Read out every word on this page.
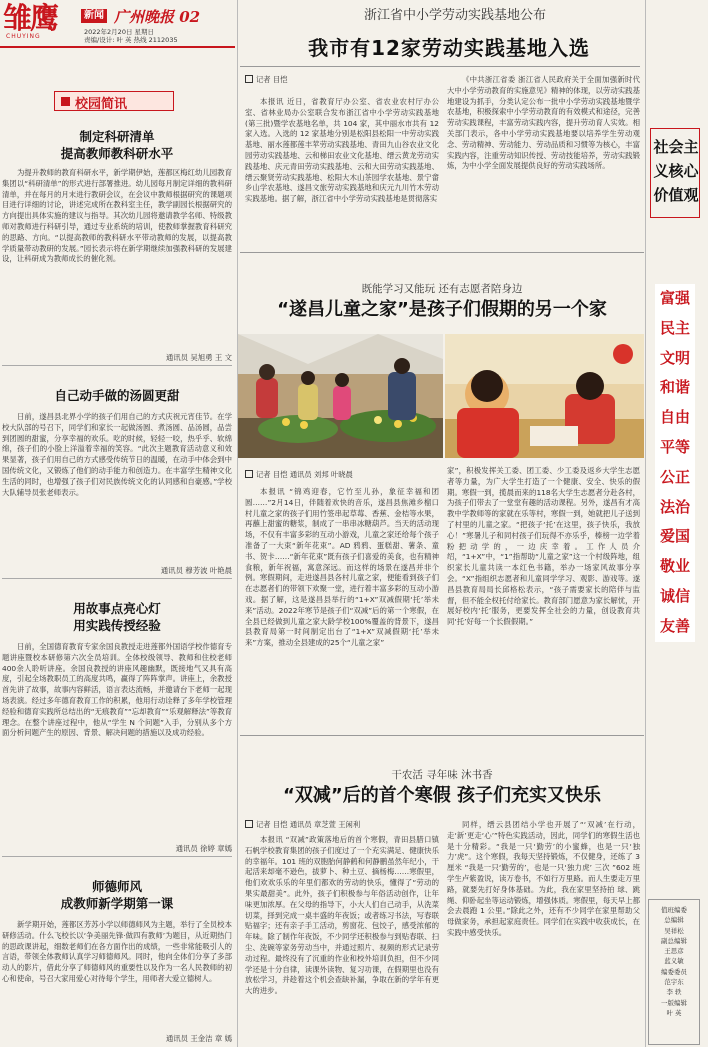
雏鹰
CHUYING
新闻 广州晚报 02
2022年2月20日 星期日
责编/设计: 叶 英 热线 2112035
校园简讯
制定科研清单
提高教师教科研水平
为提升教师的教育科研水平，新学期伊始，莲都区梅红幼儿园教育集团以“科研清单”的形式进行部署推进。幼儿园每月制定详细的教科研清单，并在每月的月末进行教研会议，在会议中教师根据研究的课题项目进行详细的讨论，讲述完成所在教科室主任，教学副园长根据研究的方向提出具体实施的建议与指导。其次幼儿园将邀请教学名师、特级教师对教师进行科研引导，通过专业系统的培训，使教师掌握教育科研究的思路、方向。“以提高教师的教科研水平带动教师的发展，以提高教学质量带动教研的发展。”园长表示将在新学期继续加强教科研的发展建设，让科研成为教师成长的催化剂。
通讯员 吴旭勇 王 文
自己动手做的汤圆更甜
日前，遂昌县北界小学的孩子们用自己的方式庆祝元宵佳节。在学校大队部的号召下，同学们和家长一起做汤圆、煮汤圆、品汤圆，品尝到团圆的甜蜜，分享幸福的欢乐。吃的时候，轻轻一咬，热乎乎、软绵绵，孩子们的小脸上洋溢着幸福的笑容。“此次主题教育活动意义和效果显著，孩子们用自己的方式感受传统节日的温暖，在动手中体会到中国传统文化，又锻炼了他们的动手能力和创造力。在丰富学生精神文化生活的同时，也增强了孩子们对民族传统文化的认同感和自豪感。”学校大队辅导员张老师表示。
通讯员 穆芳波 叶艳晨
用故事点亮心灯
用实践传授经验
日前，全国德育教育专家余国良教授走进莲都外国语学校作德育专题讲座暨校本研修第六次全员培训。全体校级领导、教师和住校老师400余人聆听讲座。余国良教授的讲座风趣幽默，既接地气又具有高度，引起全场教职员工的高度共鸣，赢得了阵阵掌声。讲座上，余教授首先讲了故事，故事内容鲜活，语言表达流畅，并邀请台下老师一起现场表演。经过多年德育教育工作的积累，他用行动诠释了多年学校管理经验和德育实践所总结出的“无痕教育”“忘却教育”“乐观解释法”等教育理念。在整个讲座过程中，他从“学生 N 个问题”入手，分别从多个方面分析问题产生的原因、背景、解决问题的措施以及成功经验。
通讯员 徐婷 章嫣
师德师风
成教师新学期第一课
新学期开始，莲都区芳苏小学以师德师风为主题，举行了全员校本研修活动。什么飞校长以‘争美丽先锋·做四有教师’为题目，从近期热门的思政课讲起，细数老师们在各方面作出的成绩，一些非常能吸引人的言语，带领全体教师认真学习师德师风。同时，他向全体们分享了多部动人的影片，借此分享了师德师风的重要性以及作为一名人民教师的初心和使命，号召大家用爱心对待每个学生，用师者大爱立德树人。
通讯员 王金洁 章 嫣
浙江省中小学劳动实践基地公布
我市有12家劳动实践基地入选
记者 目恺
本报讯 近日，省教育厅办公室、省农业农村厅办公室、省林业局办公室联合发布浙江省中小学劳动实践基地(第三批)暨学农基地名单，共 104 家，其中丽水市共有 12家入选。入选的 12 家基地分别是松阳县松阳一中劳动实践基地、丽水莲都莲丰苹劳动实践基地、青田九山谷农业文化园劳动实践基地、云和梯田农业文化基地、缙云黄龙劳动实践基地、庆元青田劳动实践基地、云和大田劳动实践基地、缙云聚贤劳动实践基地、松阳大木山茶园学农基地、景宁畲乡山学农基地、遂昌文旅劳动实践基地和庆元九川竹木劳动实践基地。据了解，浙江省中小学劳动实践基地是贯彻落实
《中共浙江省委 浙江省人民政府关于全面加强新时代大中小学劳动教育的实施意见》精神的体现，以劳动实践基地建设为抓手，分类认定公布一批中小学劳动实践基地暨学农基地，积极探索中小学劳动教育的有效模式和途径，完善劳动实践课程，丰富劳动实践内容，提升劳动育人实效。相关部门表示，各中小学劳动实践基地要以培养学生劳动观念、劳动精神、劳动能力、劳动品质和习惯等为核心，丰富实践内容，注重劳动知识传授、劳动技能培养，劳动实践锻炼，为中小学全面发展提供良好的劳动实践场所。
既能学习又能玩 还有志愿者陪身边
“遂昌儿童之家”是孩子们假期的另一个家
记者 目恺 通讯员 刘邦 叶晓晨
本报讯 “锦鸡迎春，它竹至儿孙，象征幸福和团圆……”2月14日，伴随着欢快的音乐，遂昌县焦滩乡榴口村儿童之家的孩子们用竹签串起草莓、香蕉、金桔等水果，再蘸上甜蜜的糖浆，制成了一串串冰糖葫芦。当天的活动现场，不仅有丰富多彩的互动小游戏，儿童之家还给每个孩子准备了一大束“新年花束”。AD 鸦鸦、蛋糕甜、薯条、童书、贺卡……“新年花束”既有孩子们喜爱的美食，也有精神食粮，新年祝福，寓意深远。而这样的场景在遂昌并非个例。寒假期间，走进遂昌县各村儿童之家，便能看到孩子们在志愿者们的带领下欢聚一堂，进行着丰富多彩的互动小游戏。据了解，这是遂昌县举行的“1+X”双减假期‘托’举未来”活动。2022年寒节是孩子们“双减”后的第一个寒假，在全县已经做到儿童之家大龄学校100%覆盖的背景下，遂昌县教育局第一时间制定出台了“1+X”双减假期‘托’举未来”方案，推动全县建成的25个“儿童之家”
家”，积极发挥关工委、团工委、少工委及返乡大学生志愿者等力量，为广大学生打造了一个健康、安全、快乐的假期。寒假一到，揽晨而来的118名大学生志愿者分赴各村，为孩子们带去了一堂堂有趣的活动课程。另外，遂昌有才高教中学教师等的家就在乐等村，寒假一到，她就把儿子送到了村里的儿童之家。“把孩子‘托’在这里，孩子快乐，我放心！”寒暑儿子和同村孩子们玩得不亦乐乎，榛榜一边学着粉把动学的，一边庆幸着。工作人员介绍，“1+X”中，“1”指帮助“儿童之家”这一个村级阵地，组织家长儿童共读一本红色书籍，举办一场家风故事分享会。“X”指组织志愿者和儿童同学学习、观影、游戏等。遂昌县教育局局长邱格松表示，“孩子需要家长的陪伴与监督，但不能全权托付给家长。教育部门愿意为家长解忧，开展好校内‘托’服务，更要发挥全社会的力量，创设教育共同‘托’好每一个长假假期。”
干农活 寻年味 沐书香
“双减”后的首个寒假 孩子们充实又快乐
记者 目恺 通讯员 章芝萱 王闲利
本报讯 “双减”政策落地后的首个寒假，青田县腊口镇石帆学校教育集团的孩子们度过了一个充实满足、健康快乐的幸福年。101 班的双胞胎何静鹤和何静鹏虽然年纪小，干起活来却毫不逊色，拔萝卜、种土豆、摘杨梅……寒假里，他们欢欢乐乐的年里们都欢的劳动的快乐，懂得了“劳动的果实最甜美”。此外，孩子们积极参与年俗活动创作，让年味更加浓厚。在父母的指导下，小大人们自己动手，从洗菜切菜，择到完成一桌丰盛的年夜饭；或者练习书法，写春联贴福字；还有亲子手工活动，剪窗花、包饺子，感受浓郁的年味。除了制作年夜饭，不少同学还积极参与到贴春联、扫尘、洗碗等家务劳动当中，并通过照片、视频的形式记录劳动过程。最终没有了沉重的作业和校外培训负担，但不少同学还是十分自律，读课外读物、复习功课，在假期里也没有放松学习，并趁着这个机会查缺补漏，争取在新的学年有更大的进步。
同样，缙云县团结小学也开展了“‘双减’在行动，走‘新’更走‘心’”特色实践活动，因此，同学们的寒假生活也是十分精彩。“我是一只‘勤劳’的小蜜蜂，也是一只‘独力’虎”。这个寒假，我每天坚持锻炼，不仅健身，还练了 3 厘米 “我是一只‘勤劳的’，也是一只‘独力虎’ 三次 ”602 班学生卢紫盈说，读万卷书，不如行万里路。而人生要走万里路，就要先打好身体基础。为此，我在家里坚持拍 球、跳绳、仰卧起坐等运动锻炼，增强体质。寒假里，每天早上都会去晨跑 1 公里。”除此之外，还有不少同学在家里帮助父母做家务，承担起家庭责任。同学们在实践中收获成长，在实践中感受快乐。
社会主义核心价值观
富强
民主
文明
和谐
自由
平等
公正
法治
爱国
敬业
诚信
友善
值班编委
总编辑
吴祥松
副总编辑
王思彦
蓝义敏
编委委员
范宇东
李 轶
一版编辑
叶 英
